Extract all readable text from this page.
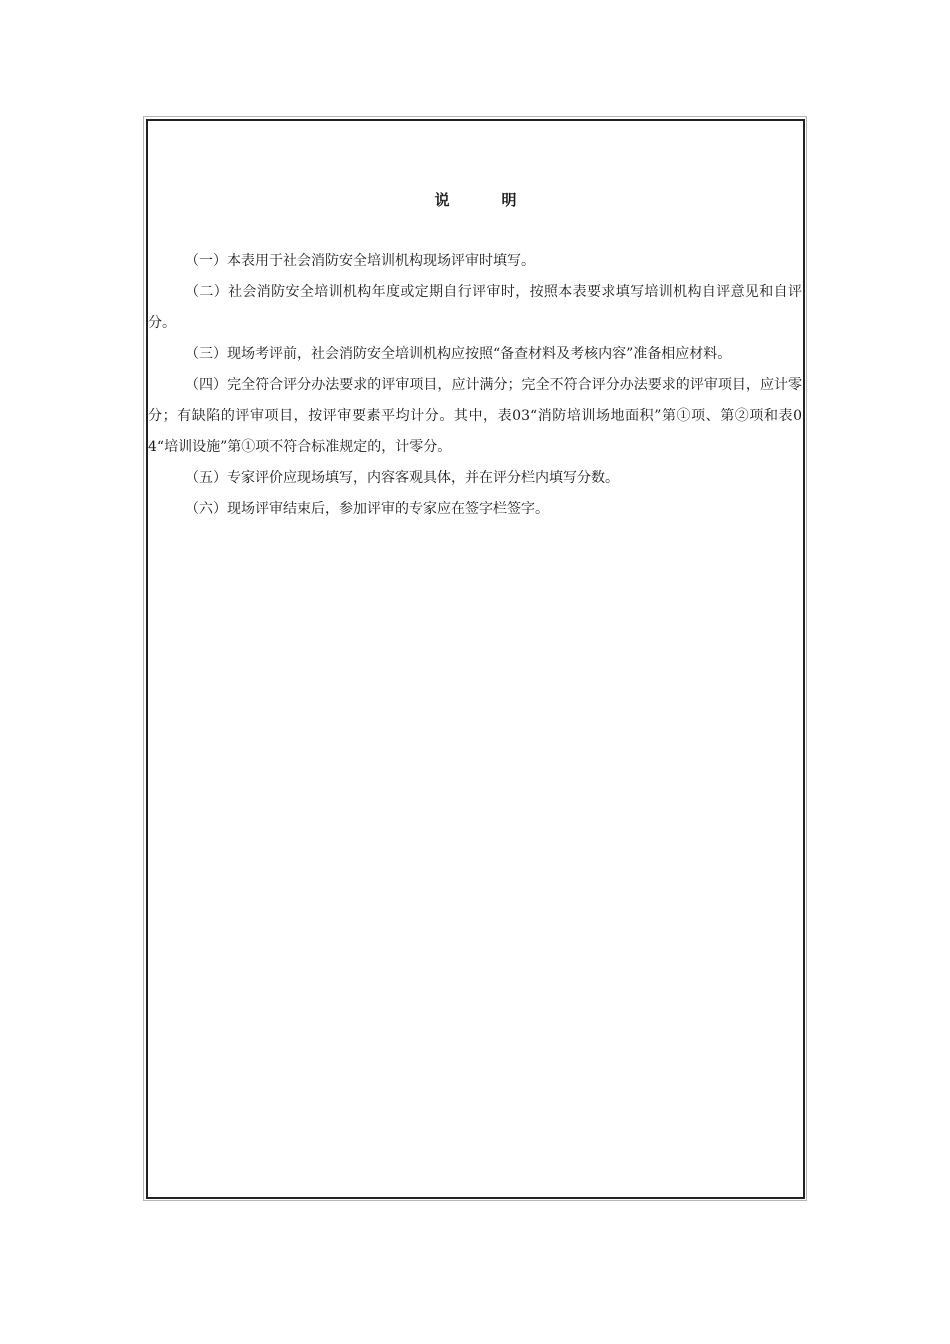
说	明

（一）本表用于社会消防安全培训机构现场评审时填写。

（二）社会消防安全培训机构年度或定期自行评审时，按照本表要求填写培训机构自评意见和自评分。

（三）现场考评前，社会消防安全培训机构应按照“备查材料及考核内容”准备相应材料。

（四）完全符合评分办法要求的评审项目，应计满分；完全不符合评分办法要求的评审项目，应计零分；有缺陷的评审项目，按评审要素平均计分。其中，表03“消防培训场地面积”第①项、第②项和表04“培训设施”第①项不符合标准规定的，计零分。

（五）专家评价应现场填写，内容客观具体，并在评分栏内填写分数。

（六）现场评审结束后，参加评审的专家应在签字栏签字。
